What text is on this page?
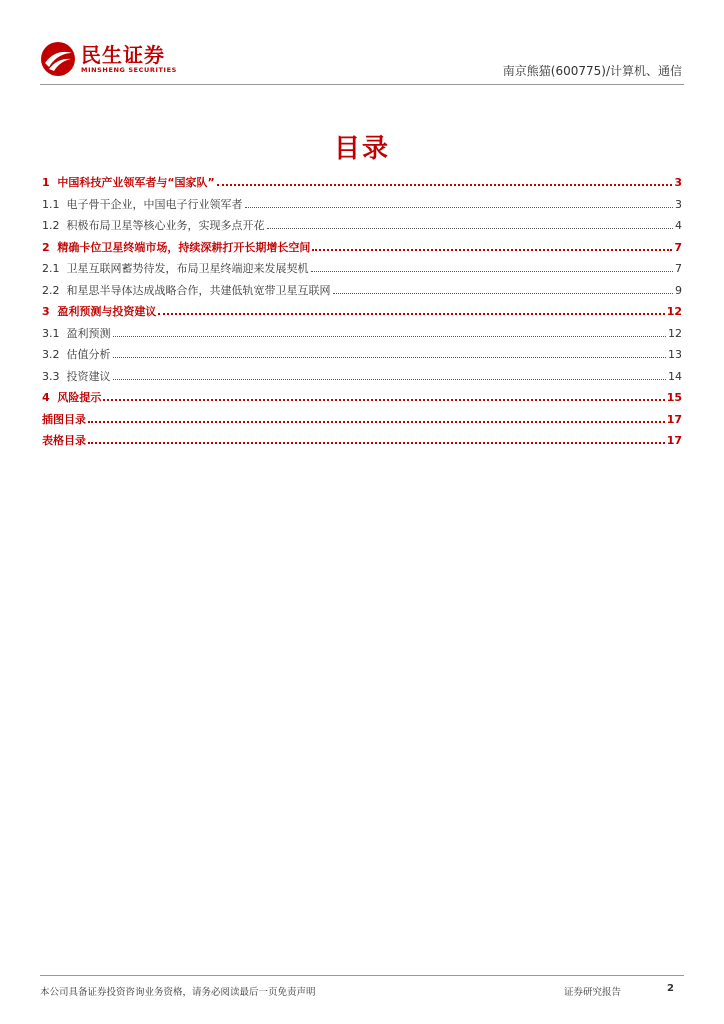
民生证券
MINSHENG SECURITIES	南京熊猫(600775)/计算机、通信
目录
1 中国科技产业领军者与“国家队”	3
1.1 电子骨干企业，中国电子行业领军者	3
1.2 积极布局卫星等核心业务，实现多点开花	4
2 精确卡位卫星终端市场，持续深耕打开长期增长空间	7
2.1 卫星互联网蓄势待发，布局卫星终端迎来发展契机	7
2.2 和星思半导体达成战略合作，共建低轨宽带卫星互联网	9
3 盈利预测与投资建议	12
3.1 盈利预测	12
3.2 估值分析	13
3.3 投资建议	14
4 风险提示	15
插图目录	17
表格目录	17
本公司具备证券投资咨询业务资格，请务必阅读最后一页免责声明	证券研究报告	2
